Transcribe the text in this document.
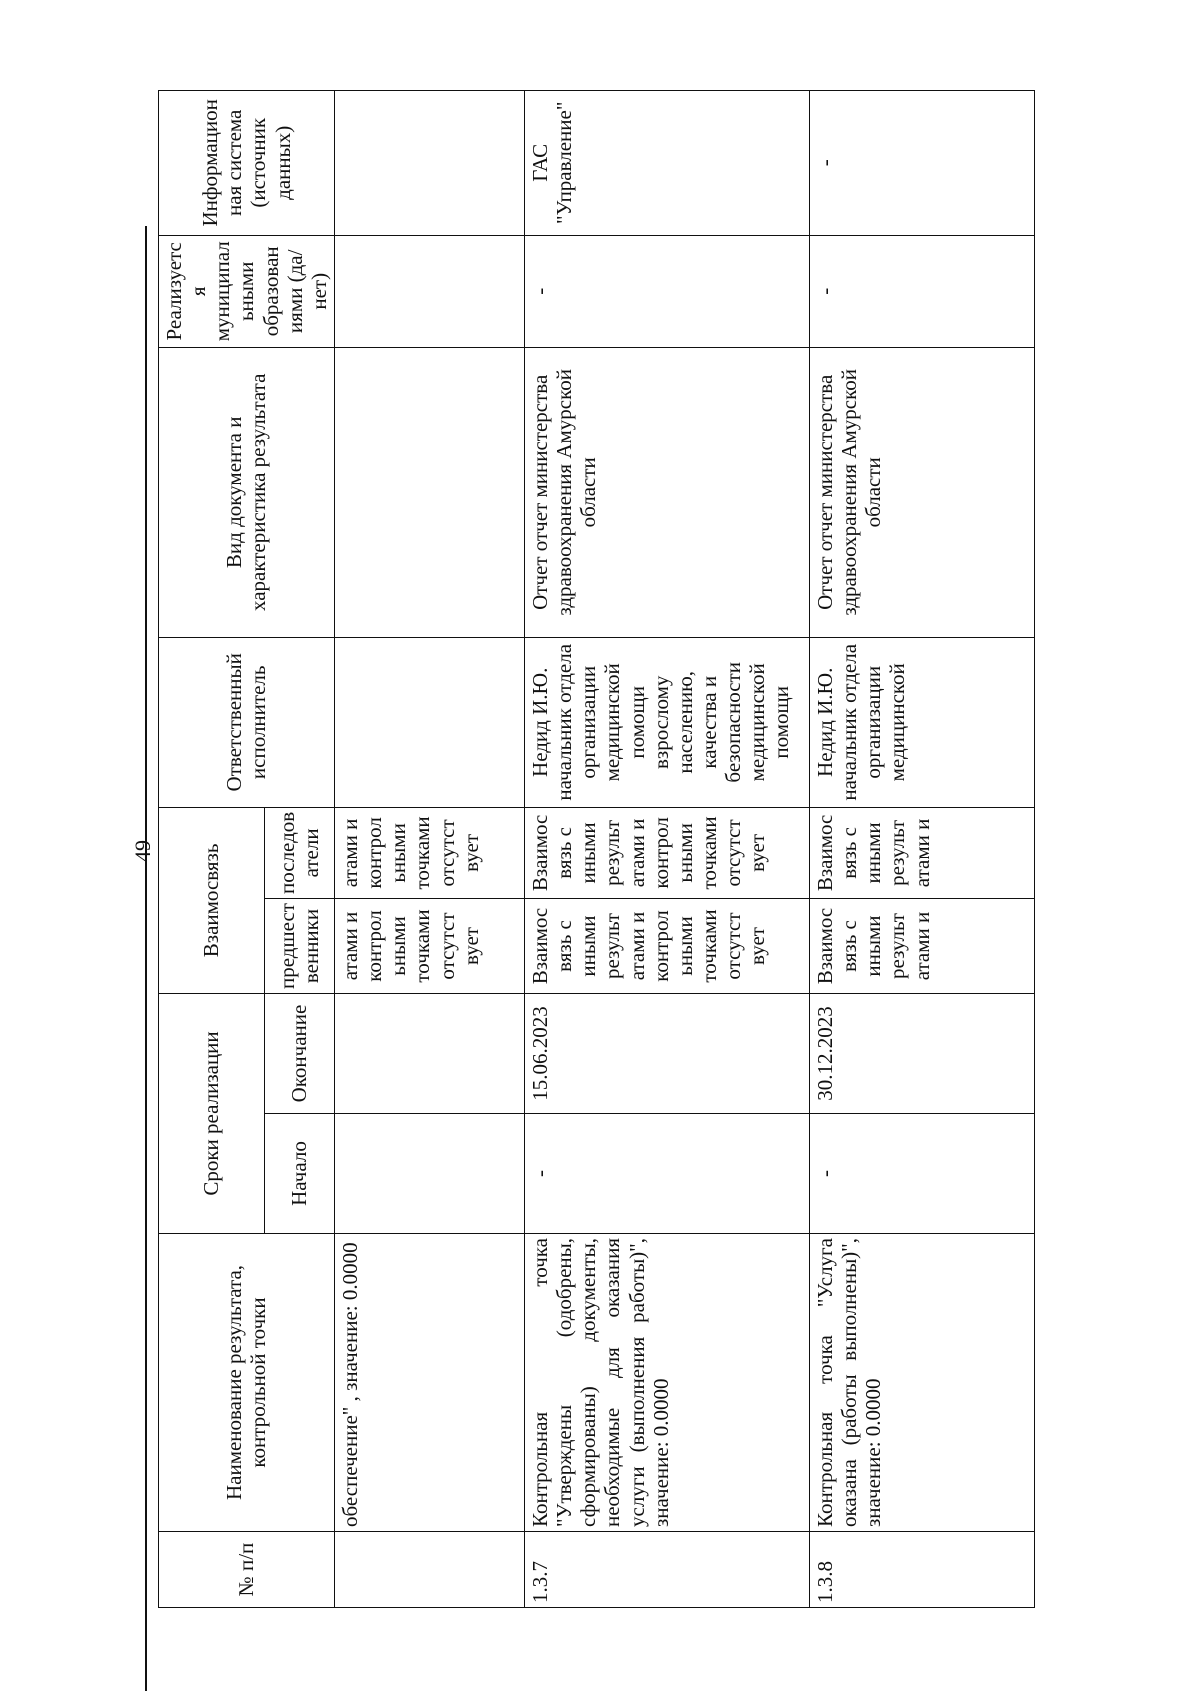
49
№ п/п	Наименование результата, контрольной точки	Сроки реализации		Взаимосвязь		Ответственный исполнитель	Вид документа и характеристика результата	Реализуетс я муниципал ьными образован иями (да/нет)	Информацион ная система (источник данных)
		Начало	Окончание	предшест венники	последов атели				
	обеспечение" , значение: 0.0000			атами и контрол ьными точками отсутст вует	атами и контрол ьными точками отсутст вует				
1.3.7	Контрольная точка "Утверждены (одобрены, сформированы) документы, необходимые для оказания услуги (выполнения работы)", значение: 0.0000	-	15.06.2023	Взаимос вязь с иными результ атами и контрол ьными точками отсутст вует	Взаимос вязь с иными результ атами и контрол ьными точками отсутст вует	Недид И.Ю. начальник отдела организации медицинской помощи взрослому населению, качества и безопасности медицинской помощи	Отчет отчет министерства здравоохранения Амурской области	-	ГАС "Управление"
1.3.8	Контрольная точка "Услуга оказана (работы выполнены)", значение: 0.0000	-	30.12.2023	Взаимос вязь с иными результ атами и	Взаимос вязь с иными результ атами и	Недид И.Ю. начальник отдела организации медицинской	Отчет отчет министерства здравоохранения Амурской области	-	-
